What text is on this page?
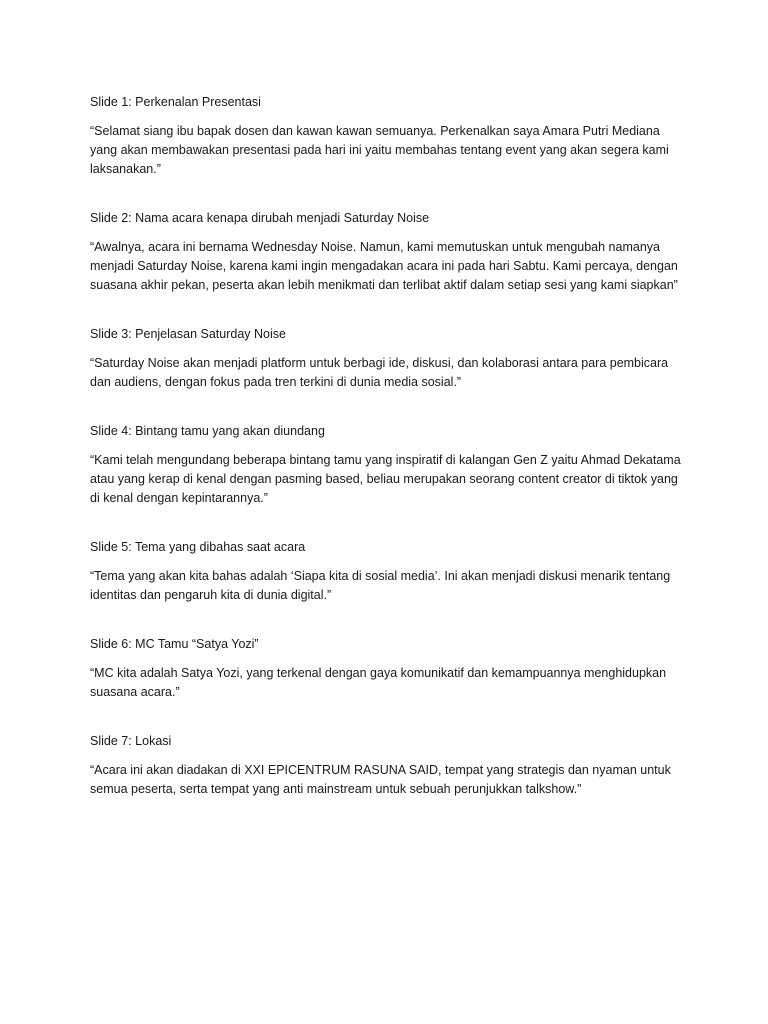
Slide 1: Perkenalan Presentasi

“Selamat siang ibu bapak dosen dan kawan kawan semuanya. Perkenalkan saya Amara Putri Mediana yang akan membawakan presentasi pada hari ini yaitu membahas tentang event yang akan segera kami laksanakan.”

Slide 2: Nama acara kenapa dirubah menjadi Saturday Noise

“Awalnya, acara ini bernama Wednesday Noise. Namun, kami memutuskan untuk mengubah namanya menjadi Saturday Noise, karena kami ingin mengadakan acara ini pada hari Sabtu. Kami percaya, dengan suasana akhir pekan, peserta akan lebih menikmati dan terlibat aktif dalam setiap sesi yang kami siapkan”

Slide 3: Penjelasan Saturday Noise

“Saturday Noise akan menjadi platform untuk berbagi ide, diskusi, dan kolaborasi antara para pembicara dan audiens, dengan fokus pada tren terkini di dunia media sosial.”

Slide 4: Bintang tamu yang akan diundang

“Kami telah mengundang beberapa bintang tamu yang inspiratif di kalangan Gen Z yaitu Ahmad Dekatama atau yang kerap di kenal dengan pasming based, beliau merupakan seorang content creator di tiktok yang di kenal dengan kepintarannya.”

Slide 5: Tema yang dibahas saat acara

“Tema yang akan kita bahas adalah ‘Siapa kita di sosial media’. Ini akan menjadi diskusi menarik tentang identitas dan pengaruh kita di dunia digital.”

Slide 6: MC Tamu “Satya Yozi”

“MC kita adalah Satya Yozi, yang terkenal dengan gaya komunikatif dan kemampuannya menghidupkan suasana acara.”

Slide 7: Lokasi

“Acara ini akan diadakan di XXI EPICENTRUM RASUNA SAID, tempat yang strategis dan nyaman untuk semua peserta, serta tempat yang anti mainstream untuk sebuah perunjukkan talkshow.”
